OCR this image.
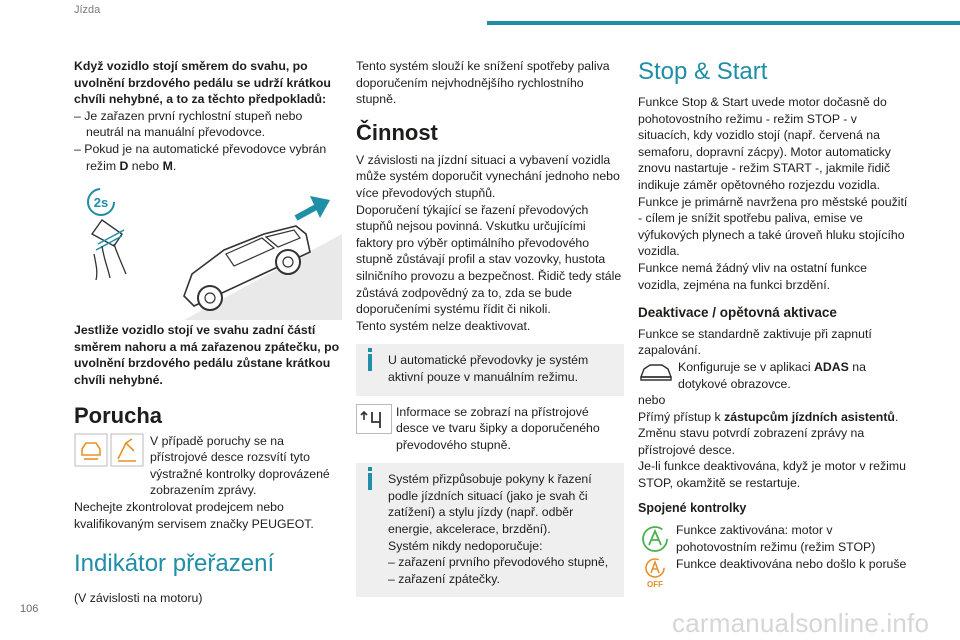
Jízda

Když vozidlo stojí směrem do svahu, po uvolnění brzdového pedálu se udrží krátkou chvíli nehybné, a to za těchto předpokladů:

– Je zařazen první rychlostní stupeň nebo neutrál na manuální převodovce.

– Pokud je na automatické převodovce vybrán režim D nebo M.

2s

Jestliže vozidlo stojí ve svahu zadní částí směrem nahoru a má zařazenou zpátečku, po uvolnění brzdového pedálu zůstane krátkou chvíli nehybné.

Porucha

V případě poruchy se na přístrojové desce rozsvítí tyto výstražné kontrolky doprovázené zobrazením zprávy.

Nechejte zkontrolovat prodejcem nebo kvalifikovaným servisem značky PEUGEOT.

Indikátor přeřazení

(V závislosti na motoru)

Tento systém slouží ke snížení spotřeby paliva doporučením nejvhodnějšího rychlostního stupně.

Činnost

V závislosti na jízdní situaci a vybavení vozidla může systém doporučit vynechání jednoho nebo více převodových stupňů.

Doporučení týkající se řazení převodových stupňů nejsou povinná. Vskutku určujícími faktory pro výběr optimálního převodového stupně zůstávají profil a stav vozovky, hustota silničního provozu a bezpečnost. Řidič tedy stále zůstává zodpovědný za to, zda se bude doporučeními systému řídit či nikoli.

Tento systém nelze deaktivovat.

U automatické převodovky je systém aktivní pouze v manuálním režimu.

Informace se zobrazí na přístrojové desce ve tvaru šipky a doporučeného převodového stupně.

Systém přizpůsobuje pokyny k řazení podle jízdních situací (jako je svah či zatížení) a stylu jízdy (např. odběr energie, akcelerace, brzdění).

Systém nikdy nedoporučuje:

– zařazení prvního převodového stupně,

– zařazení zpátečky.

Stop & Start

Funkce Stop & Start uvede motor dočasně do pohotovostního režimu - režim STOP - v situacích, kdy vozidlo stojí (např. červená na semaforu, dopravní zácpy). Motor automaticky znovu nastartuje - režim START -, jakmile řidič indikuje záměr opětovného rozjezdu vozidla.

Funkce je primárně navržena pro městské použití - cílem je snížit spotřebu paliva, emise ve výfukových plynech a také úroveň hluku stojícího vozidla.

Funkce nemá žádný vliv na ostatní funkce vozidla, zejména na funkci brzdění.

Deaktivace / opětovná aktivace

Funkce se standardně zaktivuje při zapnutí zapalování.

Konfiguruje se v aplikaci ADAS na dotykové obrazovce.

nebo

Přímý přístup k zástupcům jízdních asistentů.

Změnu stavu potvrdí zobrazení zprávy na přístrojové desce.

Je-li funkce deaktivována, když je motor v režimu STOP, okamžitě se restartuje.

Spojené kontrolky

Funkce zaktivována: motor v pohotovostním režimu (režim STOP)

OFF

Funkce deaktivována nebo došlo k poruše

106	carmanualsonline.info
